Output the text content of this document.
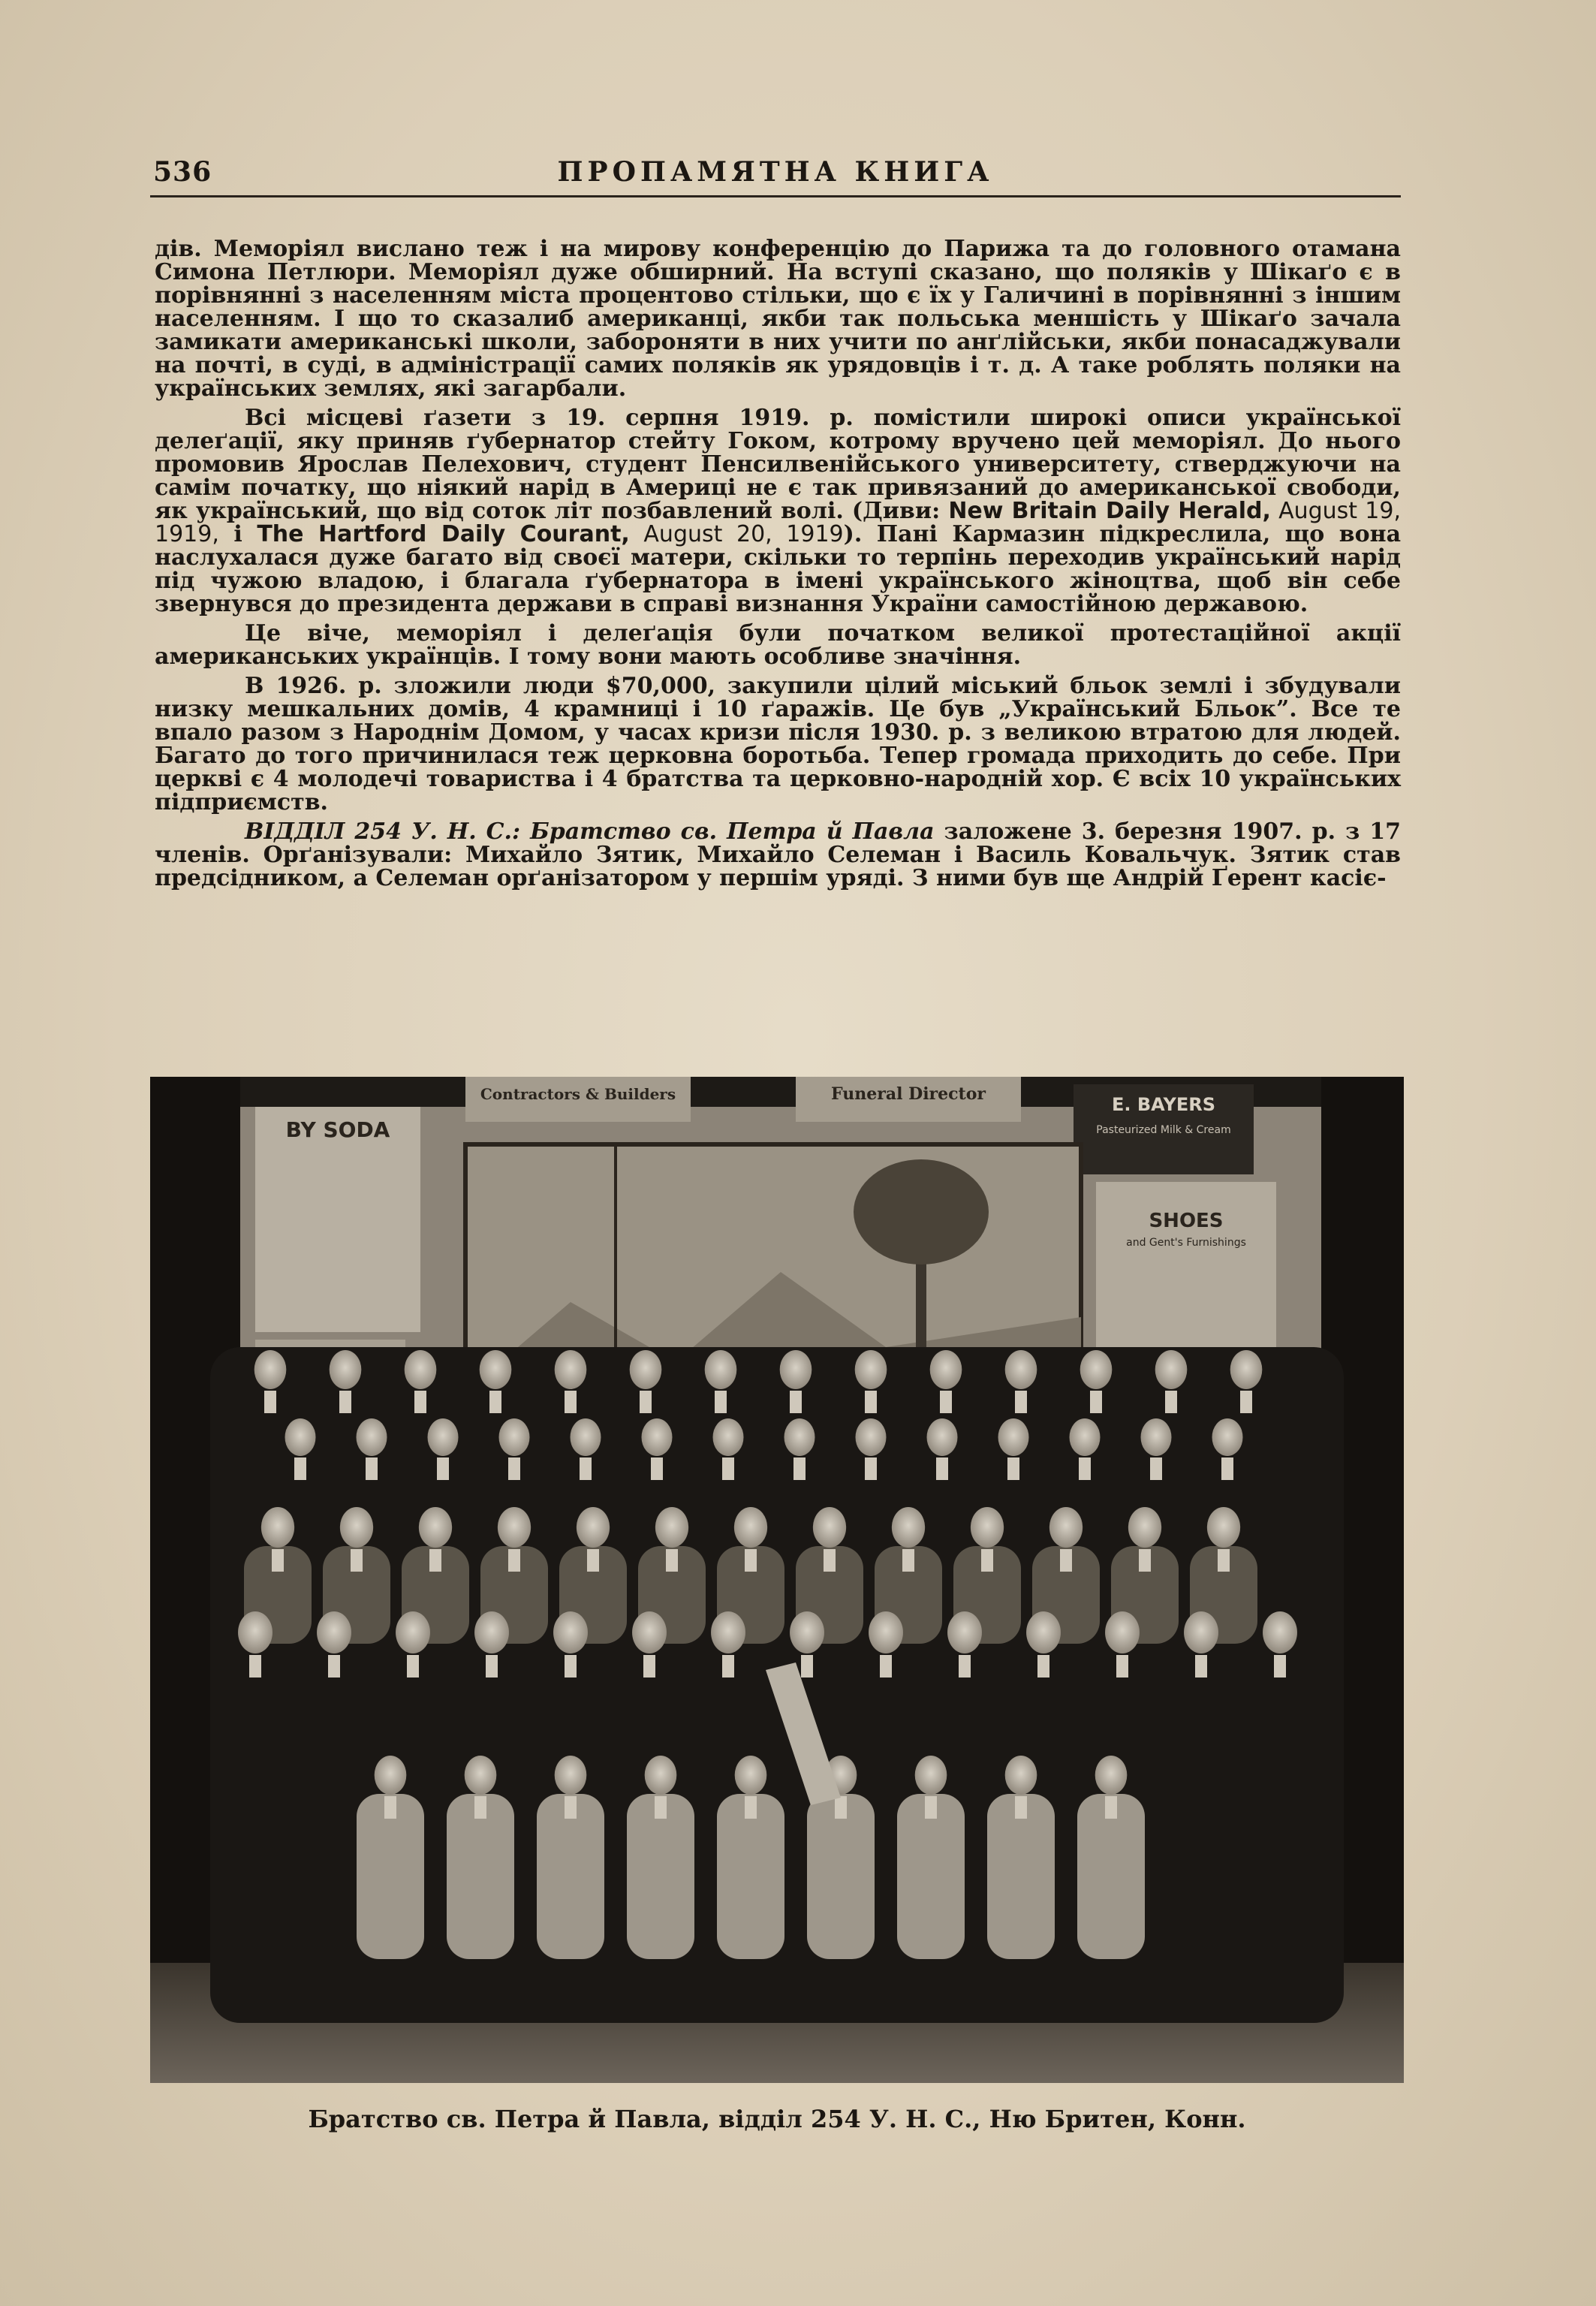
536	ПРОПАМЯТНА КНИГА

дів. Меморіял вислано теж і на мирову конференцію до Парижа та до головного отамана Симона Петлюри. Меморіял дуже обширний. На вступі сказано, що поляків у Шікаґо є в порівнянні з населенням міста процентово стільки, що є їх у Галичині в порівнянні з іншим населенням. І що то сказалиб американці, якби так польська меншість у Шікаґо зачала замикати американські школи, забороняти в них учити по анґлійськи, якби понасаджували на почті, в суді, в адміністрації самих поляків як урядовців і т. д. А таке роблять поляки на українських землях, які загарбали.

Всі місцеві ґазети з 19. серпня 1919. р. помістили широкі описи української делеґації, яку приняв ґубернатор стейту Гоком, котрому вручено цей меморіял. До нього промовив Ярослав Пелехович, студент Пенсилвенійського университету, стверджуючи на самім початку, що ніякий нарід в Америці не є так привязаний до американської свободи, як український, що від соток літ позбавлений волі. (Диви: New Britain Daily Herald, August 19, 1919, і The Hartford Daily Courant, August 20, 1919). Пані Кармазин підкреслила, що вона наслухалася дуже багато від своєї матери, скільки то терпінь переходив український нарід під чужою владою, і благала ґубернатора в імені українського жіноцтва, щоб він себе звернувся до президента держави в справі визнання України самостійною державою.

Це віче, меморіял і делеґація були початком великої протестаційної акції американських українців. І тому вони мають особливе значіння.

В 1926. р. зложили люди $70,000, закупили цілий міський бльок землі і збудували низку мешкальних домів, 4 крамниці і 10 ґаражів. Це був „Український Бльок”. Все те впало разом з Народнім Домом, у часах кризи після 1930. р. з великою втратою для людей. Багато до того причинилася теж церковна боротьба. Тепер громада приходить до себе. При церкві є 4 молодечі товариства і 4 братства та церковно-народній хор. Є всіх 10 українських підприємств.

ВІДДІЛ 254 У. Н. С.: Братство св. Петра й Павла заложене 3. березня 1907. р. з 17 членів. Орґанізували: Михайло Зятик, Михайло Селеман і Василь Ковальчук. Зятик став предсідником, а Селеман орґанізатором у першім уряді. З ними був ще Андрій Ґерент касіє-

BY SODA
Contractors & Builders	Funeral Director	E. BAYERS
Pasteurized Milk & Cream
SHOES
and Gent's Furnishings
Братство св. Петра й Павла, відділ 254 У. Н. С., Ню Бритен, Конн.
